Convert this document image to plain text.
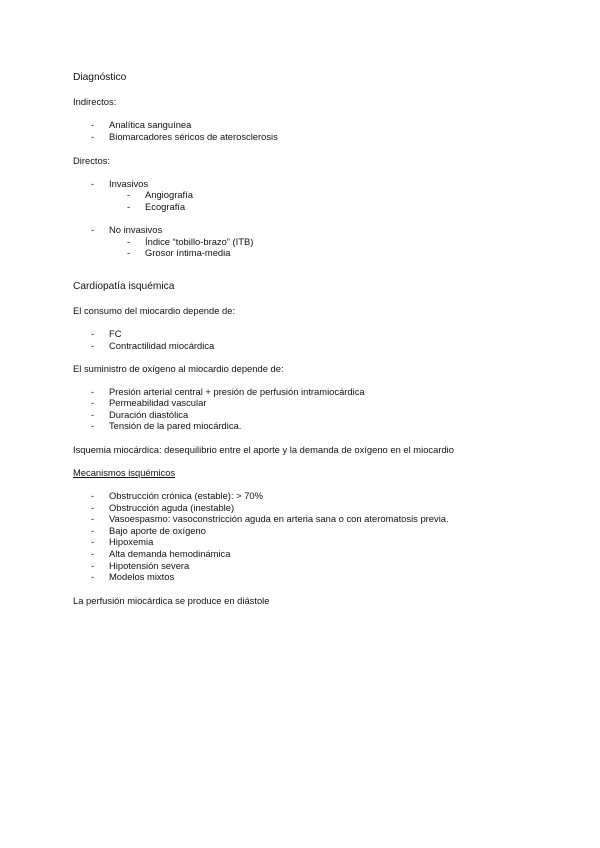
Diagnóstico
Indirectos:
- Analítica sanguínea
- Biomarcadores séricos de aterosclerosis
Directos:
- Invasivos
- Angiografía
- Ecografía
- No invasivos
- Índice “tobillo-brazo” (ITB)
- Grosor íntima-media
Cardiopatía isquémica
El consumo del miocardio depende de:
- FC
- Contractilidad miocárdica
El suministro de oxígeno al miocardio depende de:
- Presión arterial central + presión de perfusión intramiocárdica
- Permeabilidad vascular
- Duración diastólica
- Tensión de la pared miocárdica.
Isquemia miocárdica: desequilibrio entre el aporte y la demanda de oxígeno en el miocardio
Mecanismos isquémicos
- Obstrucción crónica (estable): > 70%
- Obstrucción aguda (inestable)
- Vasoespasmo: vasoconstricción aguda en arteria sana o con ateromatosis previa.
- Bajo aporte de oxígeno
- Hipoxemia
- Alta demanda hemodinámica
- Hipotensión severa
- Modelos mixtos
La perfusión miocárdica se produce en diástole
